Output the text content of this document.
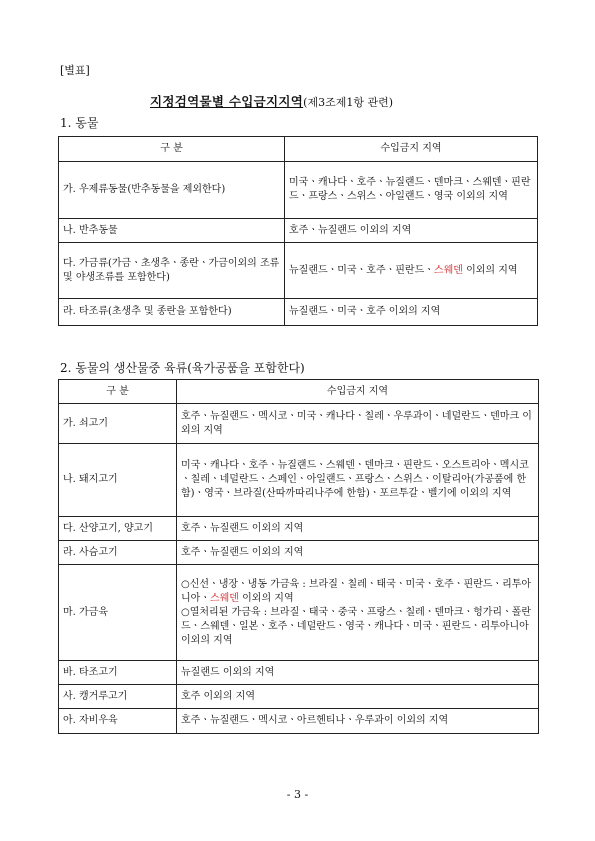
[별표]
지정검역물별 수입금지지역(제3조제1항 관련)
1. 동물
구 분	수입금지 지역
가. 우제류동물(반추동물을 제외한다)	미국ㆍ캐나다ㆍ호주ㆍ뉴질랜드ㆍ덴마크ㆍ스웨덴ㆍ핀란드ㆍ프랑스ㆍ스위스ㆍ아일랜드ㆍ영국 이외의 지역
나. 반추동물	호주ㆍ뉴질랜드 이외의 지역
다. 가금류(가금ㆍ초생추ㆍ종란ㆍ가금이외의 조류 및 야생조류를 포함한다)	뉴질랜드ㆍ미국ㆍ호주ㆍ핀란드ㆍ스웨덴 이외의 지역
라. 타조류(초생추 및 종란을 포함한다)	뉴질랜드ㆍ미국ㆍ호주 이외의 지역
2. 동물의 생산물중 육류(육가공품을 포함한다)
구 분	수입금지 지역
가. 쇠고기	호주ㆍ뉴질랜드ㆍ멕시코ㆍ미국ㆍ캐나다ㆍ칠레ㆍ우루과이ㆍ네덜란드ㆍ덴마크 이외의 지역
나. 돼지고기	미국ㆍ캐나다ㆍ호주ㆍ뉴질랜드ㆍ스웨덴ㆍ덴마크ㆍ핀란드ㆍ오스트리아ㆍ멕시코ㆍ칠레ㆍ네덜란드ㆍ스페인ㆍ아일랜드ㆍ프랑스ㆍ스위스ㆍ이탈리아(가공품에 한함)ㆍ영국ㆍ브라질(산따까따리나주에 한함)ㆍ포르투갈ㆍ벨기에 이외의 지역
다. 산양고기, 양고기	호주ㆍ뉴질랜드 이외의 지역
라. 사슴고기	호주ㆍ뉴질랜드 이외의 지역
마. 가금육	○신선ㆍ냉장ㆍ냉동 가금육 : 브라질ㆍ칠레ㆍ태국ㆍ미국ㆍ호주ㆍ핀란드ㆍ리투아니아ㆍ스웨덴 이외의 지역
○열처리된 가금육 : 브라질ㆍ태국ㆍ중국ㆍ프랑스ㆍ칠레ㆍ덴마크ㆍ헝가리ㆍ폴란드ㆍ스웨덴ㆍ일본ㆍ호주ㆍ네덜란드ㆍ영국ㆍ캐나다ㆍ미국ㆍ핀란드ㆍ리투아니아 이외의 지역
바. 타조고기	뉴질랜드 이외의 지역
사. 캥거루고기	호주 이외의 지역
아. 자비우육	호주ㆍ뉴질랜드ㆍ멕시코ㆍ아르헨티나ㆍ우루과이 이외의 지역
- 3 -
